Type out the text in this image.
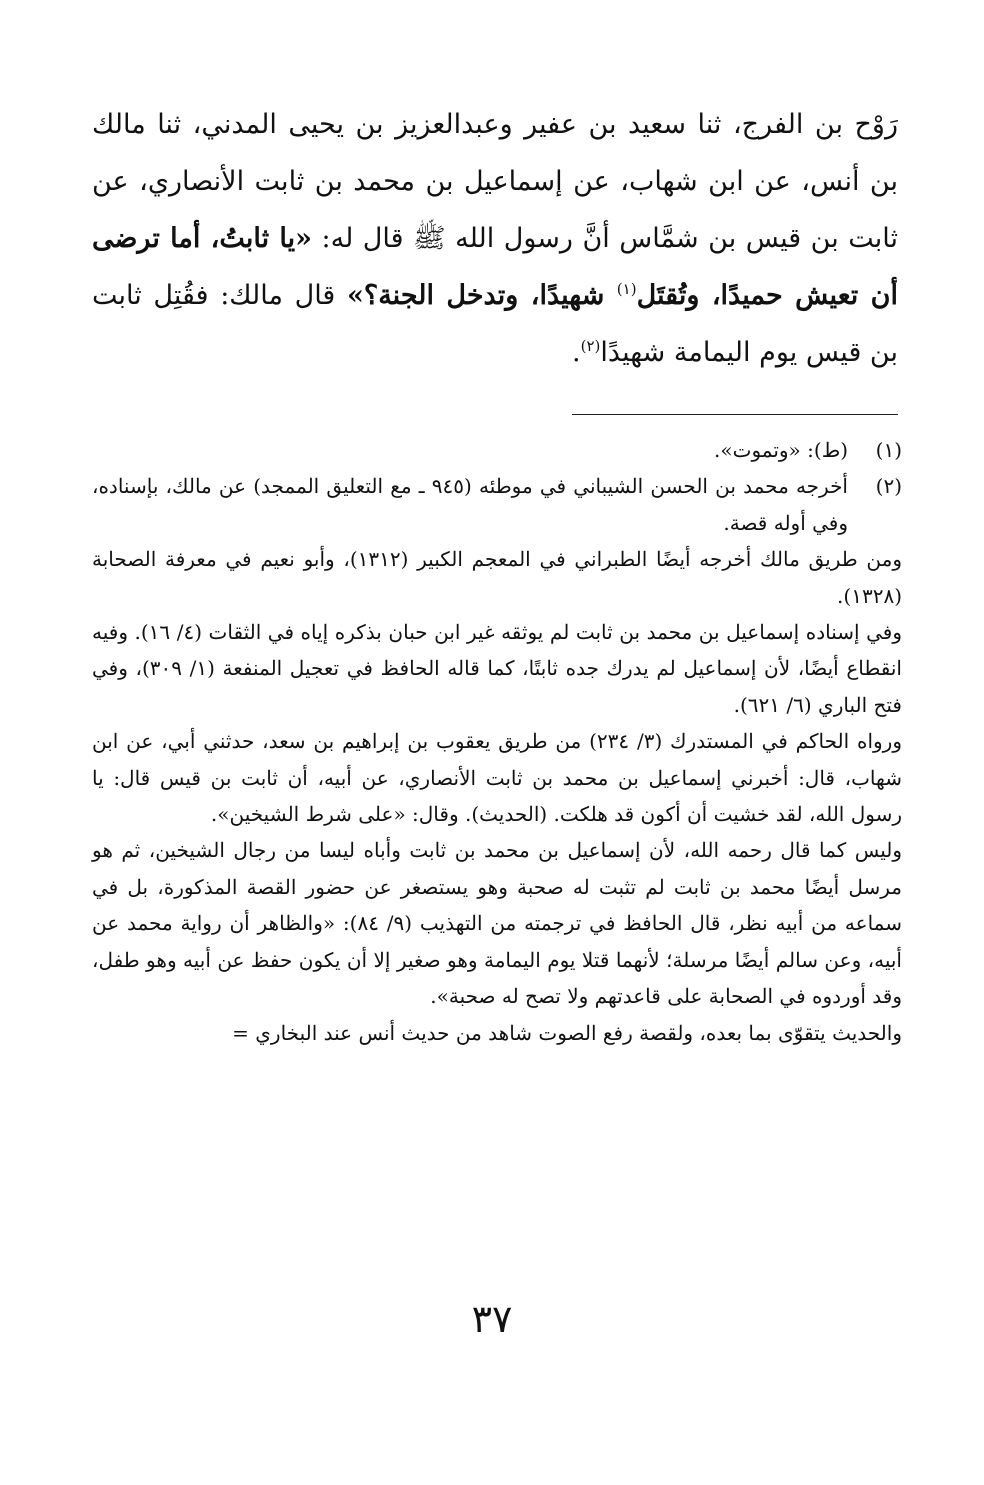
رَوْح بن الفرج، ثنا سعيد بن عفير وعبدالعزيز بن يحيى المدني، ثنا مالك بن أنس، عن ابن شهاب، عن إسماعيل بن محمد بن ثابت الأنصاري، عن ثابت بن قيس بن شمَّاس أنَّ رسول الله ﷺ قال له: «يا ثابتُ، أما ترضى أن تعيش حميدًا، وتُقتَل$^{(١)}$ شهيدًا، وتدخل الجنة؟» قال مالك: فقُتِل ثابت بن قيس يوم اليمامة شهيدًا$^{(٢)}$.

(١)

(ط): «وتموت».

(٢)

أخرجه محمد بن الحسن الشيباني في موطئه (٩٤٥ ـ مع التعليق الممجد) عن مالك، بإسناده، وفي أوله قصة.

ومن طريق مالك أخرجه أيضًا الطبراني في المعجم الكبير (١٣١٢)، وأبو نعيم في معرفة الصحابة (١٣٢٨).

وفي إسناده إسماعيل بن محمد بن ثابت لم يوثقه غير ابن حبان بذكره إياه في الثقات (٤/ ١٦). وفيه انقطاع أيضًا، لأن إسماعيل لم يدرك جده ثابتًا، كما قاله الحافظ في تعجيل المنفعة (١/ ٣٠٩)، وفي فتح الباري (٦/ ٦٢١).

ورواه الحاكم في المستدرك (٣/ ٢٣٤) من طريق يعقوب بن إبراهيم بن سعد، حدثني أبي، عن ابن شهاب، قال: أخبرني إسماعيل بن محمد بن ثابت الأنصاري، عن أبيه، أن ثابت بن قيس قال: يا رسول الله، لقد خشيت أن أكون قد هلكت. (الحديث). وقال: «على شرط الشيخين».

وليس كما قال رحمه الله، لأن إسماعيل بن محمد بن ثابت وأباه ليسا من رجال الشيخين، ثم هو مرسل أيضًا محمد بن ثابت لم تثبت له صحبة وهو يستصغر عن حضور القصة المذكورة، بل في سماعه من أبيه نظر، قال الحافظ في ترجمته من التهذيب (٩/ ٨٤): «والظاهر أن رواية محمد عن أبيه، وعن سالم أيضًا مرسلة؛ لأنهما قتلا يوم اليمامة وهو صغير إلا أن يكون حفظ عن أبيه وهو طفل، وقد أوردوه في الصحابة على قاعدتهم ولا تصح له صحبة».

والحديث يتقوّى بما بعده، ولقصة رفع الصوت شاهد من حديث أنس عند البخاري =

٣٧
